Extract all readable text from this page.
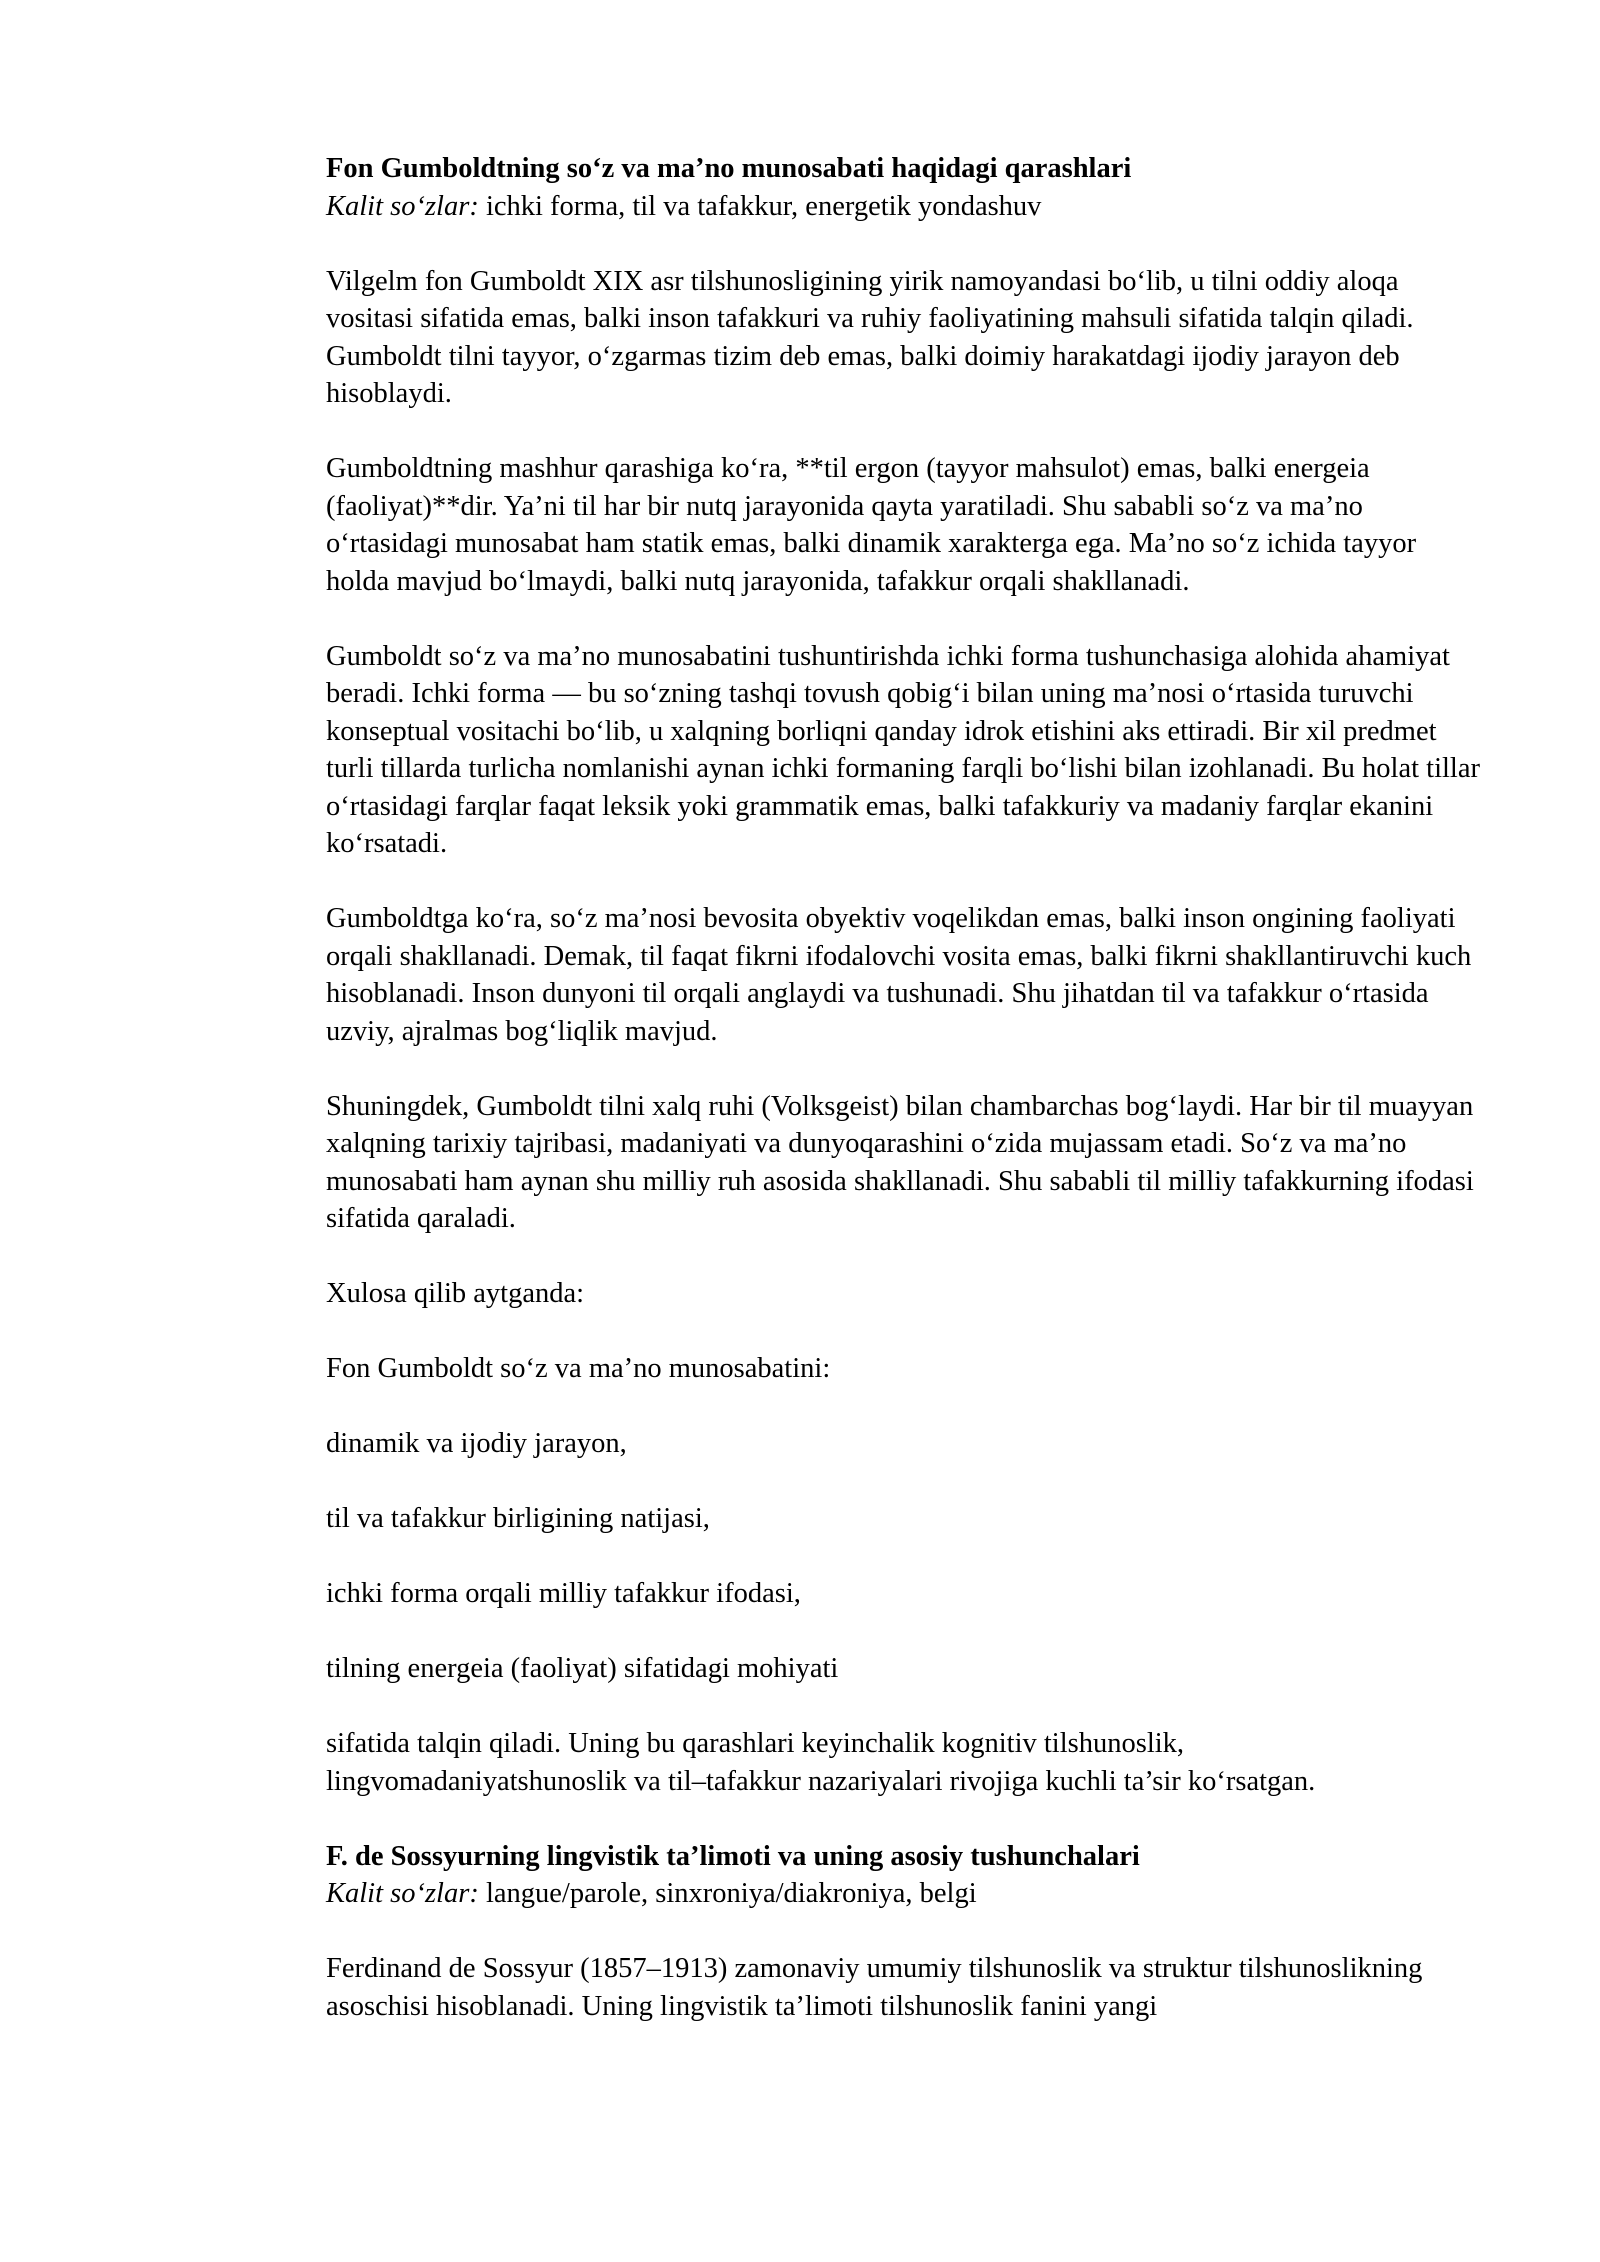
Fon Gumboldtning so‘z va ma’no munosabati haqidagi qarashlari
Kalit so‘zlar: ichki forma, til va tafakkur, energetik yondashuv

Vilgelm fon Gumboldt XIX asr tilshunosligining yirik namoyandasi bo‘lib, u tilni oddiy aloqa vositasi sifatida emas, balki inson tafakkuri va ruhiy faoliyatining mahsuli sifatida talqin qiladi. Gumboldt tilni tayyor, o‘zgarmas tizim deb emas, balki doimiy harakatdagi ijodiy jarayon deb hisoblaydi.

Gumboldtning mashhur qarashiga ko‘ra, **til ergon (tayyor mahsulot) emas, balki energeia (faoliyat)**dir. Ya’ni til har bir nutq jarayonida qayta yaratiladi. Shu sababli so‘z va ma’no o‘rtasidagi munosabat ham statik emas, balki dinamik xarakterga ega. Ma’no so‘z ichida tayyor holda mavjud bo‘lmaydi, balki nutq jarayonida, tafakkur orqali shakllanadi.

Gumboldt so‘z va ma’no munosabatini tushuntirishda ichki forma tushunchasiga alohida ahamiyat beradi. Ichki forma — bu so‘zning tashqi tovush qobig‘i bilan uning ma’nosi o‘rtasida turuvchi konseptual vositachi bo‘lib, u xalqning borliqni qanday idrok etishini aks ettiradi. Bir xil predmet turli tillarda turlicha nomlanishi aynan ichki formaning farqli bo‘lishi bilan izohlanadi. Bu holat tillar o‘rtasidagi farqlar faqat leksik yoki grammatik emas, balki tafakkuriy va madaniy farqlar ekanini ko‘rsatadi.

Gumboldtga ko‘ra, so‘z ma’nosi bevosita obyektiv voqelikdan emas, balki inson ongining faoliyati orqali shakllanadi. Demak, til faqat fikrni ifodalovchi vosita emas, balki fikrni shakllantiruvchi kuch hisoblanadi. Inson dunyoni til orqali anglaydi va tushunadi. Shu jihatdan til va tafakkur o‘rtasida uzviy, ajralmas bog‘liqlik mavjud.

Shuningdek, Gumboldt tilni xalq ruhi (Volksgeist) bilan chambarchas bog‘laydi. Har bir til muayyan xalqning tarixiy tajribasi, madaniyati va dunyoqarashini o‘zida mujassam etadi. So‘z va ma’no munosabati ham aynan shu milliy ruh asosida shakllanadi. Shu sababli til milliy tafakkurning ifodasi sifatida qaraladi.

Xulosa qilib aytganda:

Fon Gumboldt so‘z va ma’no munosabatini:

dinamik va ijodiy jarayon,

til va tafakkur birligining natijasi,

ichki forma orqali milliy tafakkur ifodasi,

tilning energeia (faoliyat) sifatidagi mohiyati

sifatida talqin qiladi. Uning bu qarashlari keyinchalik kognitiv tilshunoslik, lingvomadaniyatshunoslik va til–tafakkur nazariyalari rivojiga kuchli ta’sir ko‘rsatgan.

F. de Sossyurning lingvistik ta’limoti va uning asosiy tushunchalari
Kalit so‘zlar: langue/parole, sinxroniya/diakroniya, belgi

Ferdinand de Sossyur (1857–1913) zamonaviy umumiy tilshunoslik va struktur tilshunoslikning asoschisi hisoblanadi. Uning lingvistik ta’limoti tilshunoslik fanini yangi
